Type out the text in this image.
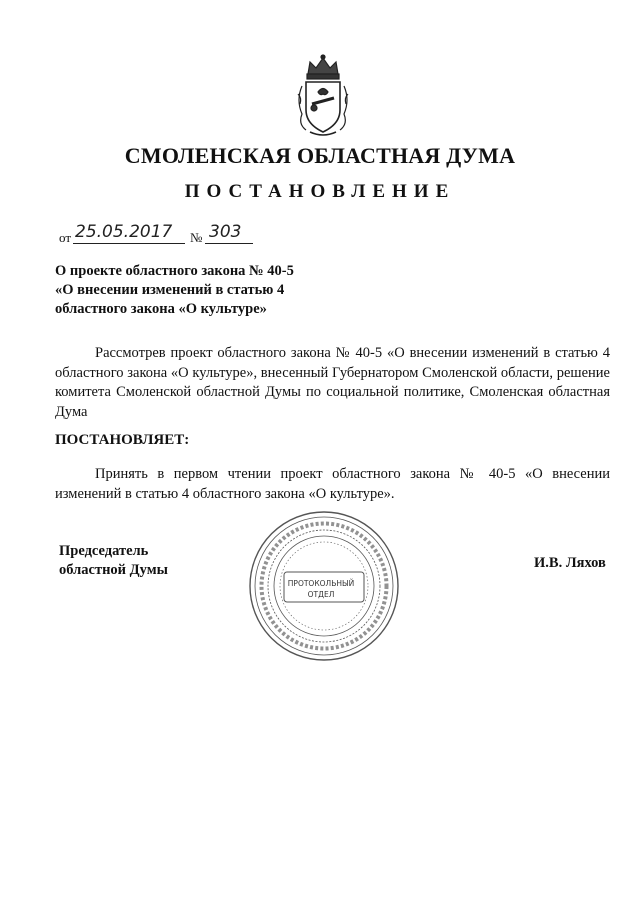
СМОЛЕНСКАЯ ОБЛАСТНАЯ ДУМА
ПОСТАНОВЛЕНИЕ
от 25.05.2017 № 303
О проекте областного закона № 40-5
«О внесении изменений в статью 4
областного закона «О культуре»
Рассмотрев проект областного закона № 40-5 «О внесении изменений в статью 4 областного закона «О культуре», внесенный Губернатором Смоленской области, решение комитета Смоленской областной Думы по социальной политике, Смоленская областная Дума
ПОСТАНОВЛЯЕТ:
Принять в первом чтении проект областного закона № 40-5 «О внесении изменений в статью 4 областного закона «О культуре».
Председатель
областной Думы
ПРОТОКОЛЬНЫЙ
ОТДЕЛ
И.В. Ляхов
